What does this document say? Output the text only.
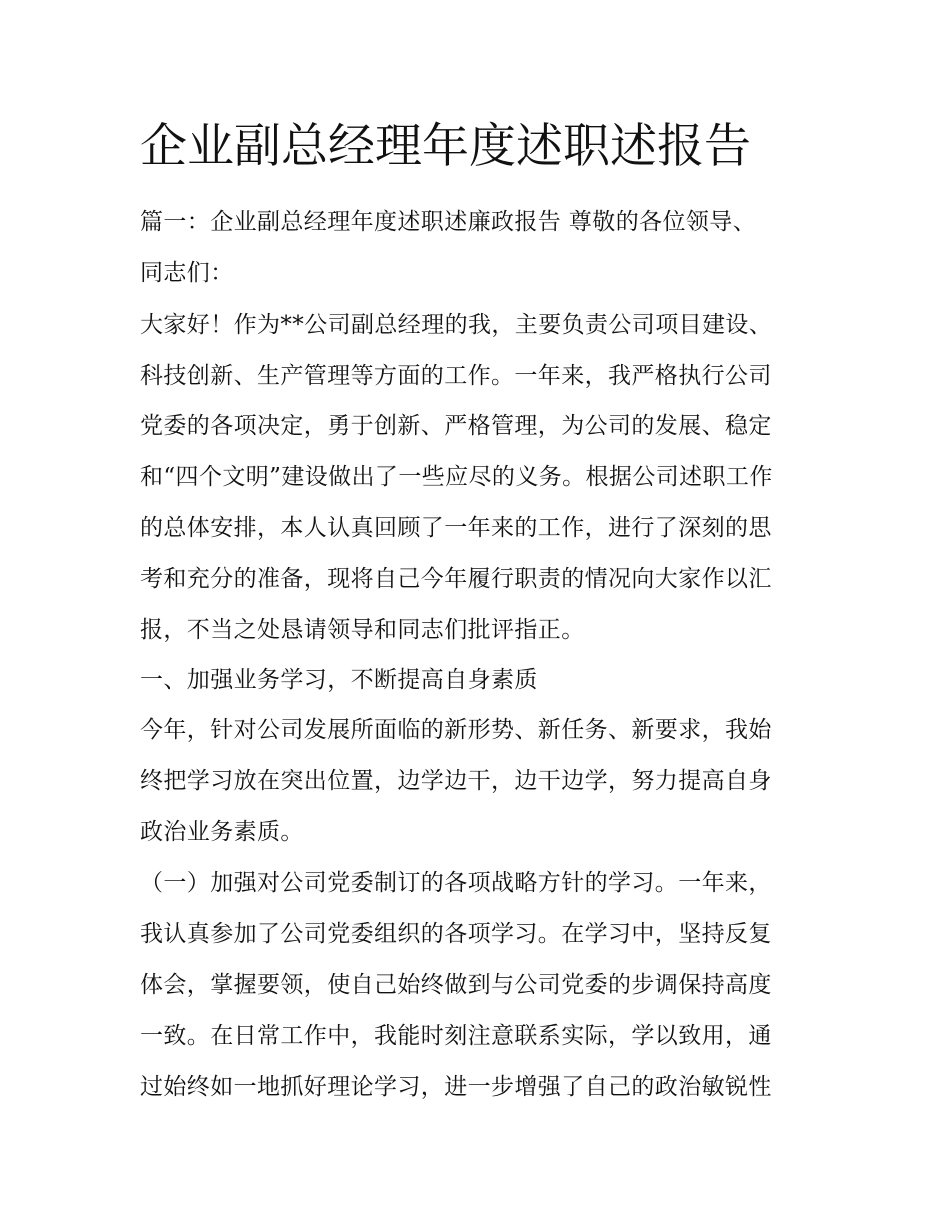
企业副总经理年度述职述报告
篇一：企业副总经理年度述职述廉政报告 尊敬的各位领导、
同志们：
大家好！作为**公司副总经理的我，主要负责公司项目建设、
科技创新、生产管理等方面的工作。一年来，我严格执行公司
党委的各项决定，勇于创新、严格管理，为公司的发展、稳定
和“四个文明”建设做出了一些应尽的义务。根据公司述职工作
的总体安排，本人认真回顾了一年来的工作，进行了深刻的思
考和充分的准备，现将自己今年履行职责的情况向大家作以汇
报，不当之处恳请领导和同志们批评指正。
一、加强业务学习，不断提高自身素质
今年，针对公司发展所面临的新形势、新任务、新要求，我始
终把学习放在突出位置，边学边干，边干边学，努力提高自身
政治业务素质。
（一）加强对公司党委制订的各项战略方针的学习。一年来，
我认真参加了公司党委组织的各项学习。在学习中，坚持反复
体会，掌握要领，使自己始终做到与公司党委的步调保持高度
一致。在日常工作中，我能时刻注意联系实际，学以致用，通
过始终如一地抓好理论学习，进一步增强了自己的政治敏锐性
